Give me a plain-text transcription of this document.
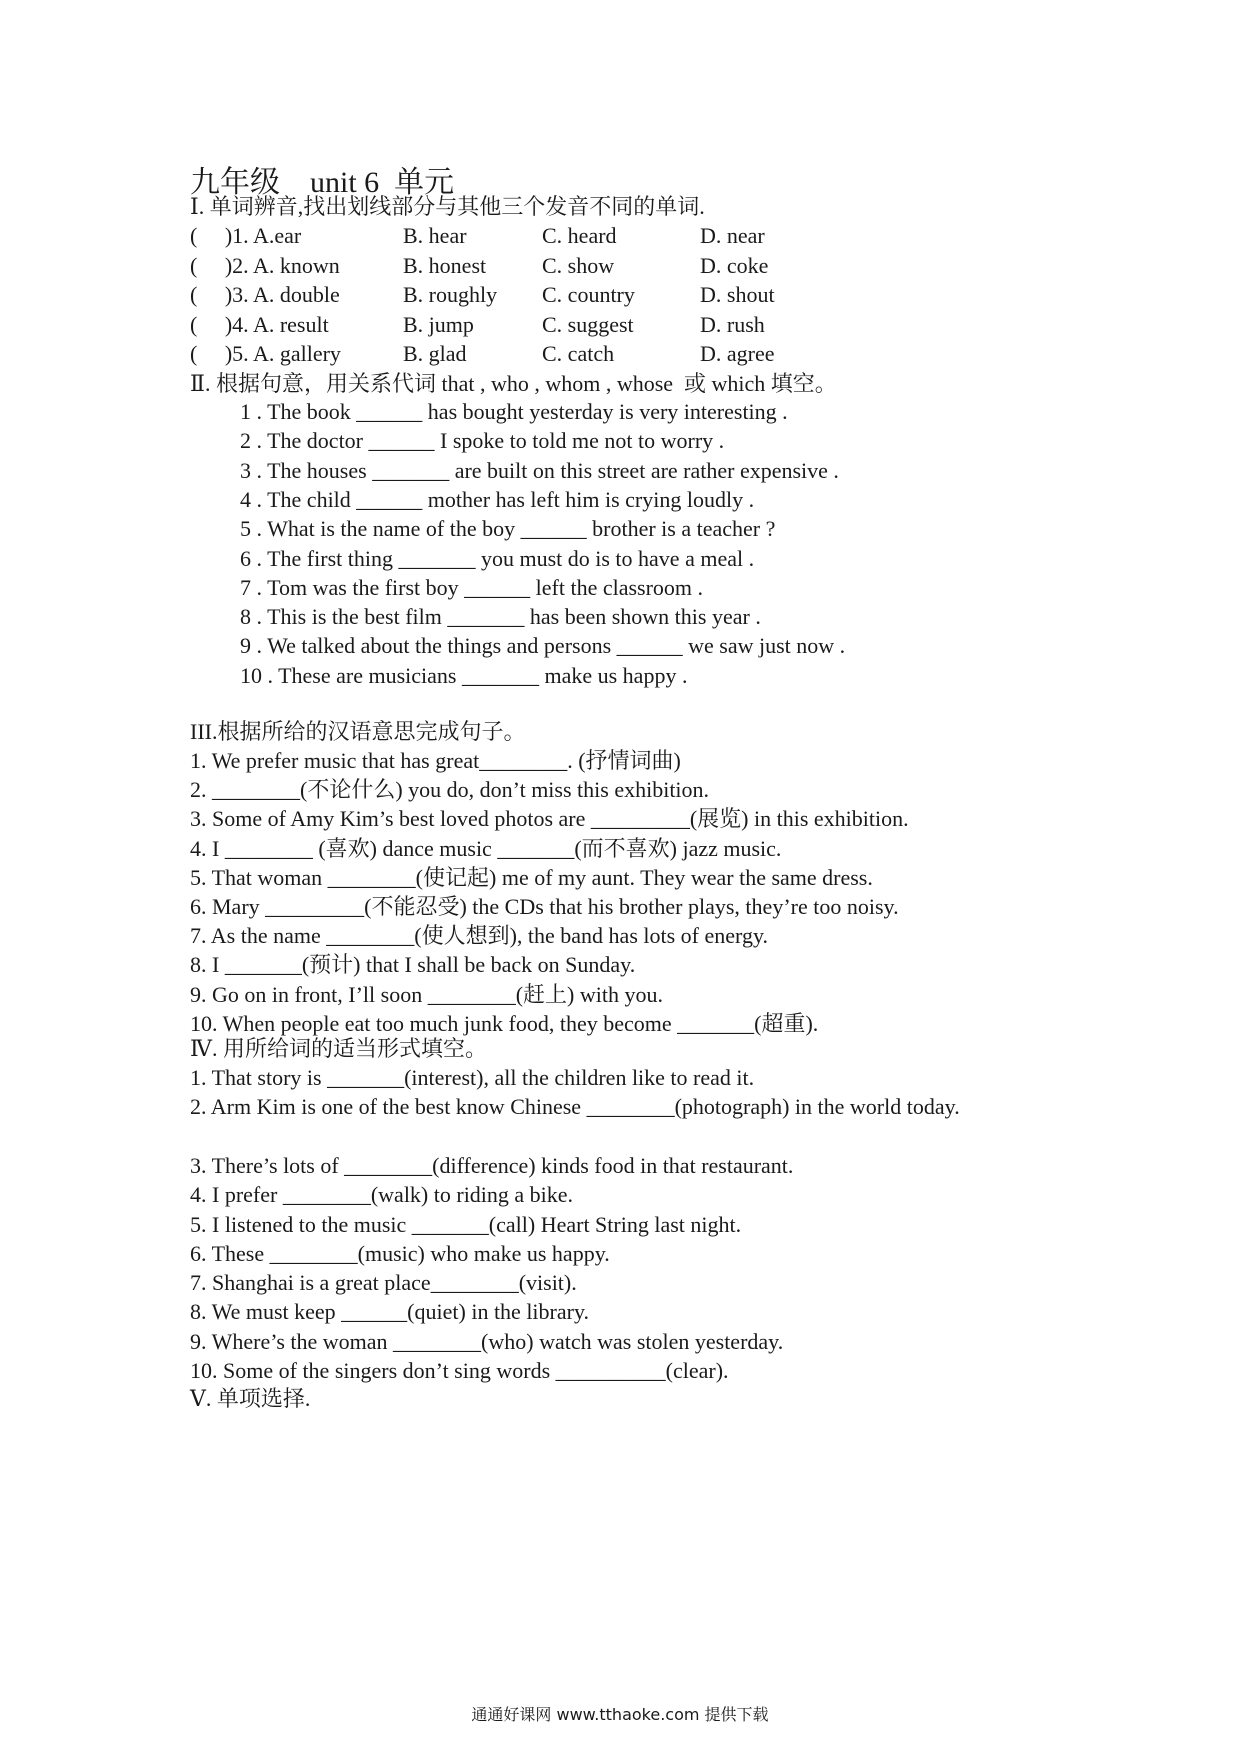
九年级　unit 6  单元
Ⅰ. 单词辨音,找出划线部分与其他三个发音不同的单词.
(     )1. A.ear	B. hear	C. heard	D. near
(     )2. A. known	B. honest	C. show	D. coke
(     )3. A. double	B. roughly C. country	D. shout
(     )4. A. result	B. jump	C. suggest	D. rush
(     )5. A. gallery	B. glad	C. catch	D. agree
Ⅱ. 根据句意，用关系代词 that , who , whom , whose  或 which 填空。
1 . The book ______ has bought yesterday is very interesting .
2 . The doctor ______ I spoke to told me not to worry .
3 . The houses _______ are built on this street are rather expensive .
4 . The child ______ mother has left him is crying loudly .
5 . What is the name of the boy ______ brother is a teacher ?
6 . The first thing _______ you must do is to have a meal .
7 . Tom was the first boy ______ left the classroom .
8 . This is the best film _______ has been shown this year .
9 . We talked about the things and persons ______ we saw just now .
10 . These are musicians _______ make us happy .
III.根据所给的汉语意思完成句子。
1. We prefer music that has great________. (抒情词曲)
2. ________(不论什么) you do, don’t miss this exhibition.
3. Some of Amy Kim’s best loved photos are _________(展览) in this exhibition.
4. I ________ (喜欢) dance music _______(而不喜欢) jazz music.
5. That woman ________(使记起) me of my aunt. They wear the same dress.
6. Mary _________(不能忍受) the CDs that his brother plays, they’re too noisy.
7. As the name ________(使人想到), the band has lots of energy.
8. I _______(预计) that I shall be back on Sunday.
9. Go on in front, I’ll soon ________(赶上) with you.
10. When people eat too much junk food, they become _______(超重).
Ⅳ. 用所给词的适当形式填空。
1. That story is _______(interest), all the children like to read it.
2. Arm Kim is one of the best know Chinese ________(photograph) in the world today.
3. There’s lots of ________(difference) kinds food in that restaurant.
4. I prefer ________(walk) to riding a bike.
5. I listened to the music _______(call) Heart String last night.
6. These ________(music) who make us happy.
7. Shanghai is a great place________(visit).
8. We must keep ______(quiet) in the library.
9. Where’s the woman ________(who) watch was stolen yesterday.
10. Some of the singers don’t sing words __________(clear).
Ⅴ. 单项选择.
通通好课网 www.tthaoke.com 提供下载
